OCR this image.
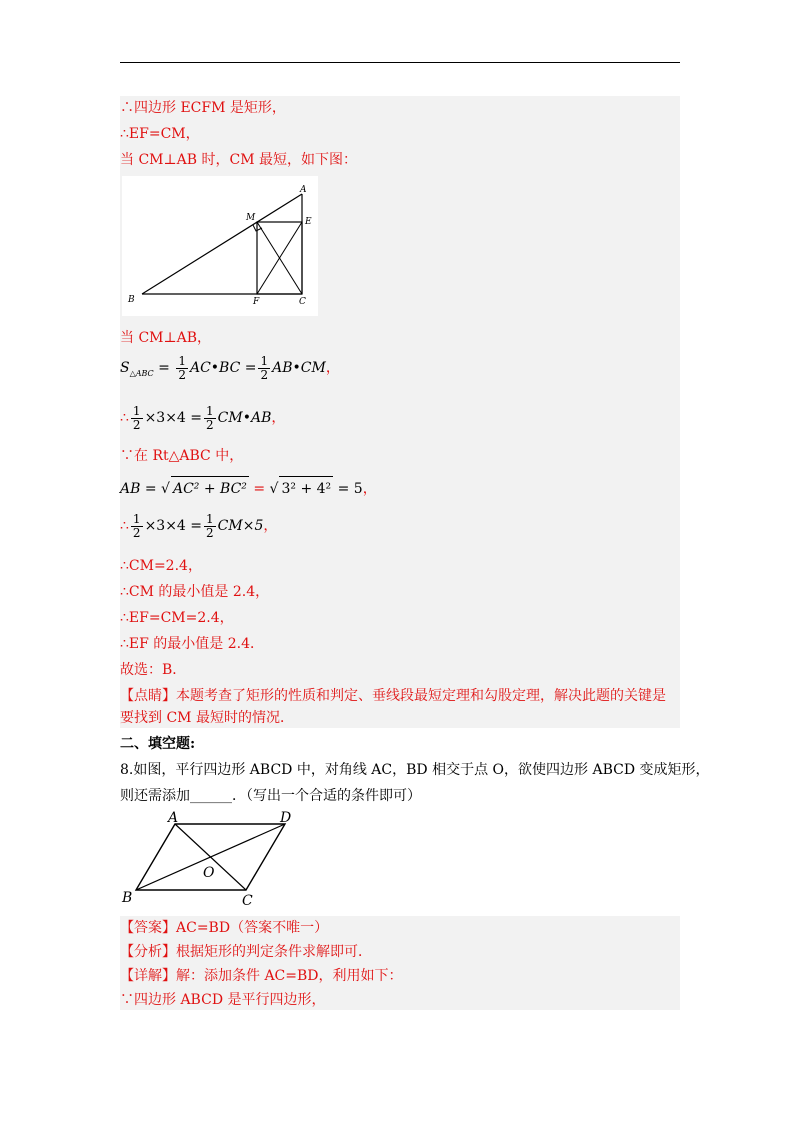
∴四边形 ECFM 是矩形，
∴EF=CM，
当 CM⊥AB 时，CM 最短，如下图：
A
B	C
E
F
M
当 CM⊥AB，
$S_{\triangle ABC} = \frac{1}{2}$ AC•BC = $\frac{1}{2}$ AB•CM，
∴ $\frac{1}{2} \times 3\times 4 = \frac{1}{2}$ CM•AB，
∵在 Rt△ABC 中，
AB = √ AC² + BC² = √ 3² + 4² = 5，
∴ $\frac{1}{2} \times 3\times 4 = \frac{1}{2} CM\times 5$，
∴CM=2.4，
∴CM 的最小值是 2.4，
∴EF=CM=2.4，
∴EF 的最小值是 2.4．
故选：B．
【点睛】本题考查了矩形的性质和判定、垂线段最短定理和勾股定理，解决此题的关键是
要找到 CM 最短时的情况．
二、填空题:
8.如图，平行四边形 ABCD 中，对角线 AC，BD 相交于点 O，欲使四边形 ABCD 变成矩形，
则还需添加______．（写出一个合适的条件即可）
A	D
B	C
O
【答案】AC=BD（答案不唯一）
【分析】根据矩形的判定条件求解即可．
【详解】解：添加条件 AC=BD，利用如下：
∵四边形 ABCD 是平行四边形，
